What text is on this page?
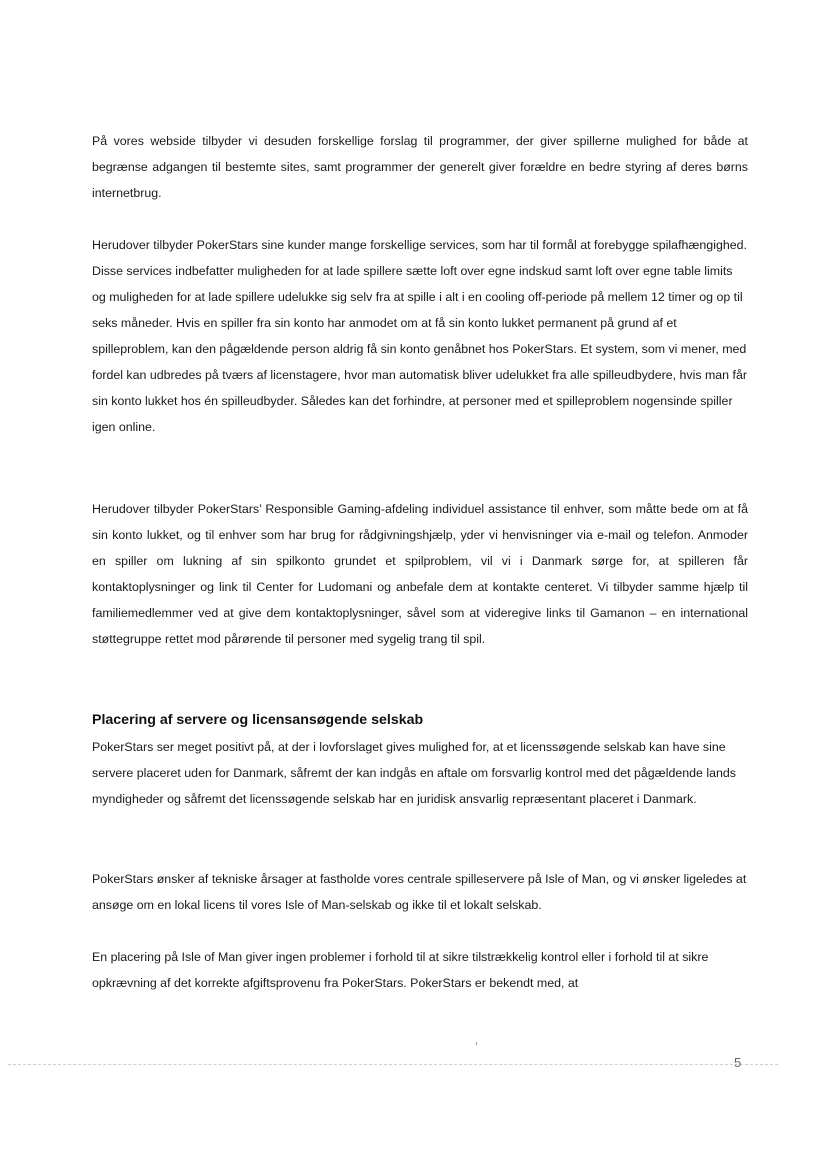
På vores webside tilbyder vi desuden forskellige forslag til programmer, der giver spillerne mulighed for både at begrænse adgangen til bestemte sites, samt programmer der generelt giver forældre en bedre styring af deres børns internetbrug.

Herudover tilbyder PokerStars sine kunder mange forskellige services, som har til formål at forebygge spilafhængighed. Disse services indbefatter muligheden for at lade spillere sætte loft over egne indskud samt loft over egne table limits og muligheden for at lade spillere udelukke sig selv fra at spille i alt i en cooling off-periode på mellem 12 timer og op til seks måneder. Hvis en spiller fra sin konto har anmodet om at få sin konto lukket permanent på grund af et spilleproblem, kan den pågældende person aldrig få sin konto genåbnet hos PokerStars. Et system, som vi mener, med fordel kan udbredes på tværs af licenstagere, hvor man automatisk bliver udelukket fra alle spilleudbydere, hvis man får sin konto lukket hos én spilleudbyder. Således kan det forhindre, at personer med et spilleproblem nogensinde spiller igen online.

Herudover tilbyder PokerStars’ Responsible Gaming-afdeling individuel assistance til enhver, som måtte bede om at få sin konto lukket, og til enhver som har brug for rådgivningshjælp, yder vi henvisninger via e-mail og telefon. Anmoder en spiller om lukning af sin spilkonto grundet et spilproblem, vil vi i Danmark sørge for, at spilleren får kontaktoplysninger og link til Center for Ludomani og anbefale dem at kontakte centeret. Vi tilbyder samme hjælp til familiemedlemmer ved at give dem kontaktoplysninger, såvel som at videregive links til Gamanon – en international støttegruppe rettet mod pårørende til personer med sygelig trang til spil.

Placering af servere og licensansøgende selskab

PokerStars ser meget positivt på, at der i lovforslaget gives mulighed for, at et licenssøgende selskab kan have sine servere placeret uden for Danmark, såfremt der kan indgås en aftale om forsvarlig kontrol med det pågældende lands myndigheder og såfremt det licenssøgende selskab har en juridisk ansvarlig repræsentant placeret i Danmark.

PokerStars ønsker af tekniske årsager at fastholde vores centrale spilleservere på Isle of Man, og vi ønsker ligeledes at ansøge om en lokal licens til vores Isle of Man-selskab og ikke til et lokalt selskab.

En placering på Isle of Man giver ingen problemer i forhold til at sikre tilstrækkelig kontrol eller i forhold til at sikre opkrævning af det korrekte afgiftsprovenu fra PokerStars. PokerStars er bekendt med, at

5
